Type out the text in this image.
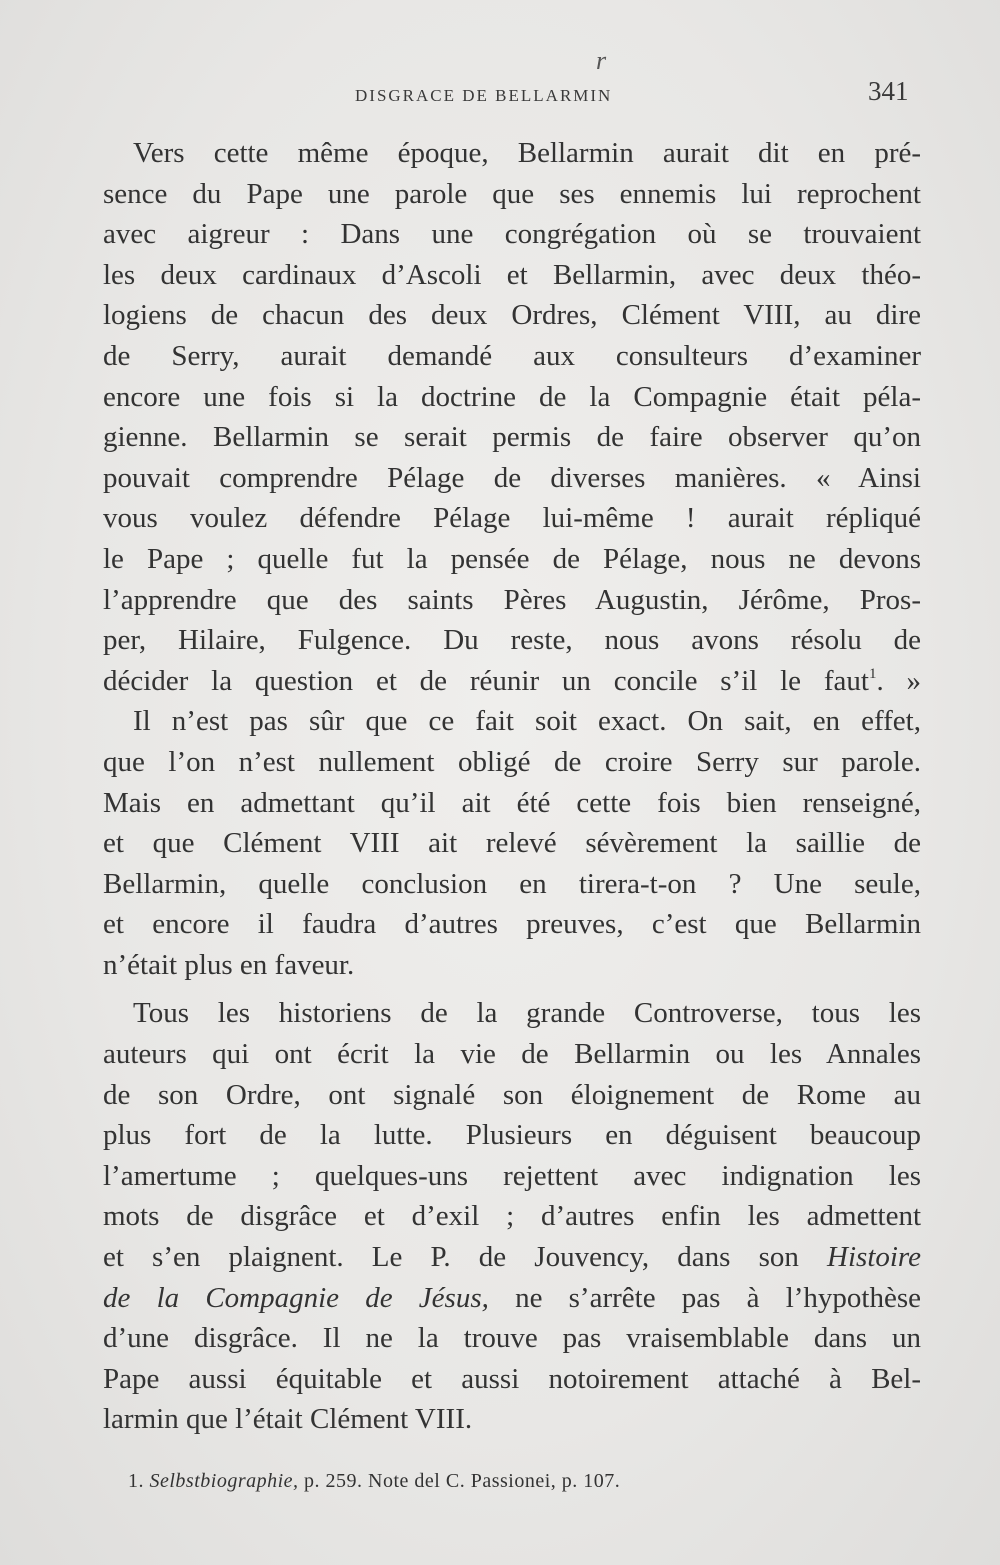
r
DISGRACE DE BELLARMIN	341
Vers cette même époque, Bellarmin aurait dit en pré-
sence du Pape une parole que ses ennemis lui reprochent
avec aigreur : Dans une congrégation où se trouvaient
les deux cardinaux d’Ascoli et Bellarmin, avec deux théo-
logiens de chacun des deux Ordres, Clément VIII, au dire
de Serry, aurait demandé aux consulteurs d’examiner
encore une fois si la doctrine de la Compagnie était péla-
gienne. Bellarmin se serait permis de faire observer qu’on
pouvait comprendre Pélage de diverses manières. « Ainsi
vous voulez défendre Pélage lui-même ! aurait répliqué
le Pape ; quelle fut la pensée de Pélage, nous ne devons
l’apprendre que des saints Pères Augustin, Jérôme, Pros-
per, Hilaire, Fulgence. Du reste, nous avons résolu de
décider la question et de réunir un concile s’il le faut$^1$. »
Il n’est pas sûr que ce fait soit exact. On sait, en effet,
que l’on n’est nullement obligé de croire Serry sur parole.
Mais en admettant qu’il ait été cette fois bien renseigné,
et que Clément VIII ait relevé sévèrement la saillie de
Bellarmin, quelle conclusion en tirera-t-on ? Une seule,
et encore il faudra d’autres preuves, c’est que Bellarmin
n’était plus en faveur.
Tous les historiens de la grande Controverse, tous les
auteurs qui ont écrit la vie de Bellarmin ou les Annales
de son Ordre, ont signalé son éloignement de Rome au
plus fort de la lutte. Plusieurs en déguisent beaucoup
l’amertume ; quelques-uns rejettent avec indignation les
mots de disgrâce et d’exil ; d’autres enfin les admettent
et s’en plaignent. Le P. de Jouvency, dans son Histoire
de la Compagnie de Jésus, ne s’arrête pas à l’hypothèse
d’une disgrâce. Il ne la trouve pas vraisemblable dans un
Pape aussi équitable et aussi notoirement attaché à Bel-
larmin que l’était Clément VIII.
1. Selbstbiographie, p. 259. Note del C. Passionei, p. 107.
